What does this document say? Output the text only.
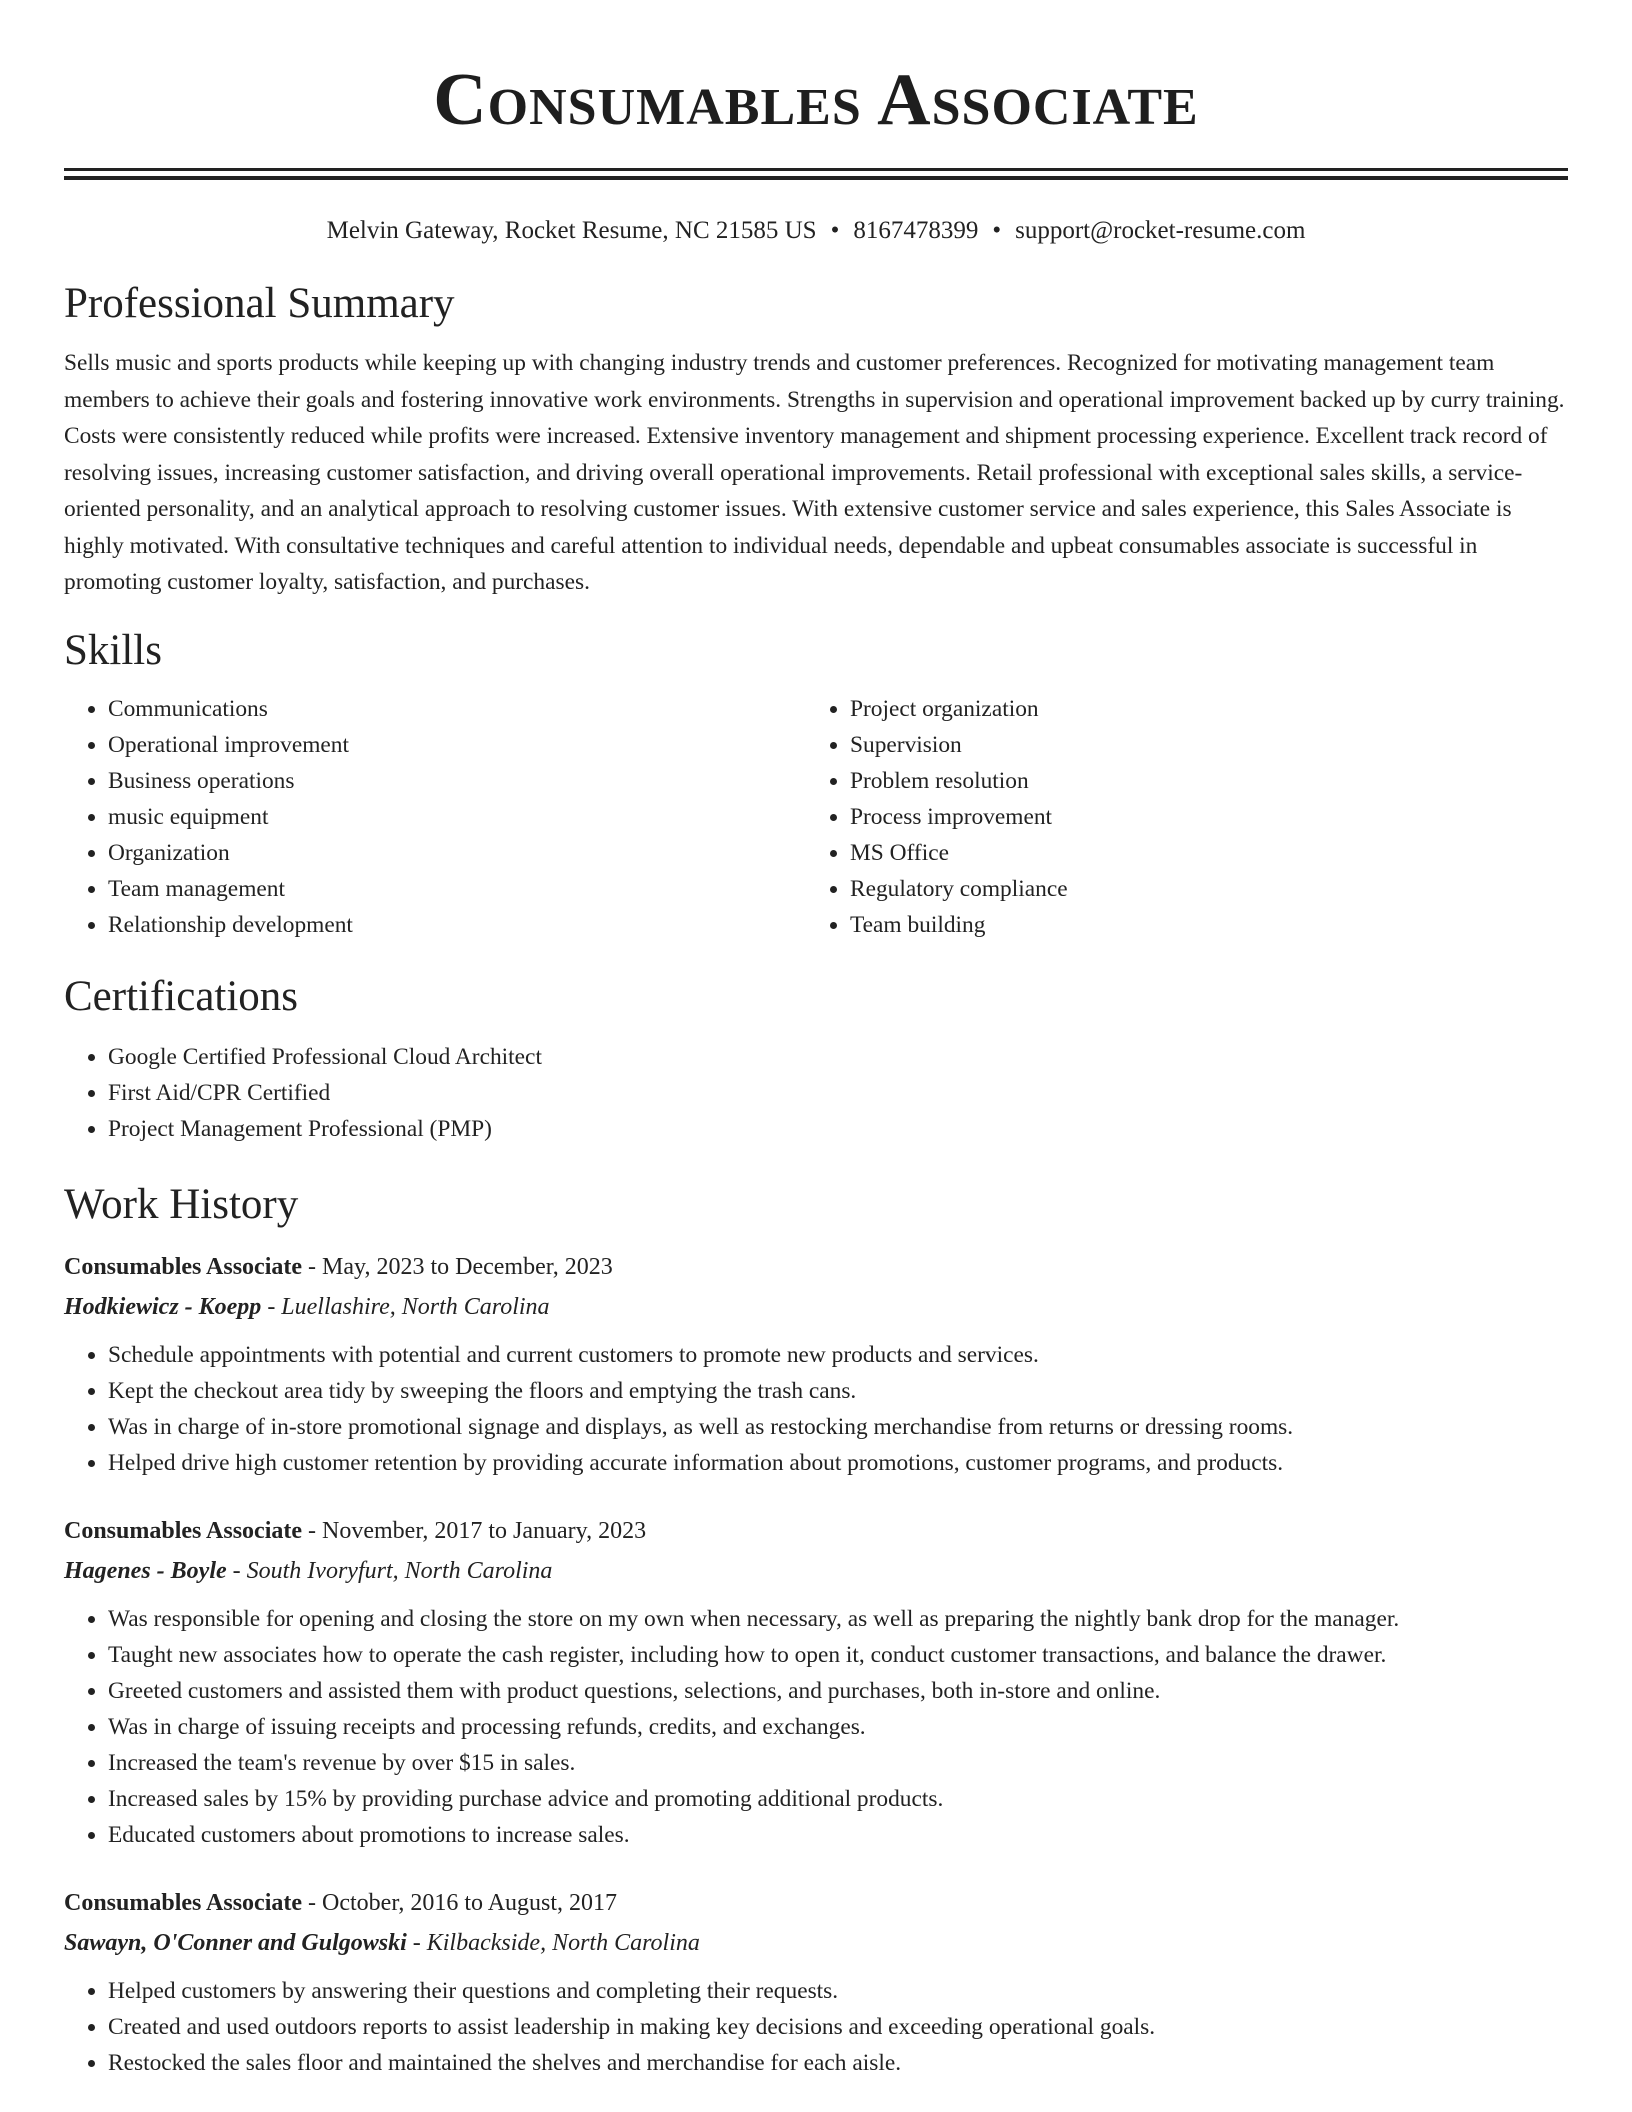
Consumables Associate
Melvin Gateway, Rocket Resume, NC 21585 US • 8167478399 • support@rocket-resume.com
Professional Summary

Sells music and sports products while keeping up with changing industry trends and customer preferences. Recognized for motivating management team members to achieve their goals and fostering innovative work environments. Strengths in supervision and operational improvement backed up by curry training. Costs were consistently reduced while profits were increased. Extensive inventory management and shipment processing experience. Excellent track record of resolving issues, increasing customer satisfaction, and driving overall operational improvements. Retail professional with exceptional sales skills, a service-oriented personality, and an analytical approach to resolving customer issues. With extensive customer service and sales experience, this Sales Associate is highly motivated. With consultative techniques and careful attention to individual needs, dependable and upbeat consumables associate is successful in promoting customer loyalty, satisfaction, and purchases.

Skills
• Communications
• Operational improvement
• Business operations
• music equipment
• Organization
• Team management
• Relationship development
• Project organization
• Supervision
• Problem resolution
• Process improvement
• MS Office
• Regulatory compliance
• Team building
Certifications
• Google Certified Professional Cloud Architect
• First Aid/CPR Certified
• Project Management Professional (PMP)
Work History
Consumables Associate - May, 2023 to December, 2023
Hodkiewicz - Koepp - Luellashire, North Carolina
• Schedule appointments with potential and current customers to promote new products and services.
• Kept the checkout area tidy by sweeping the floors and emptying the trash cans.
• Was in charge of in-store promotional signage and displays, as well as restocking merchandise from returns or dressing rooms.
• Helped drive high customer retention by providing accurate information about promotions, customer programs, and products.
Consumables Associate - November, 2017 to January, 2023
Hagenes - Boyle - South Ivoryfurt, North Carolina
• Was responsible for opening and closing the store on my own when necessary, as well as preparing the nightly bank drop for the manager.
• Taught new associates how to operate the cash register, including how to open it, conduct customer transactions, and balance the drawer.
• Greeted customers and assisted them with product questions, selections, and purchases, both in-store and online.
• Was in charge of issuing receipts and processing refunds, credits, and exchanges.
• Increased the team's revenue by over $15 in sales.
• Increased sales by 15% by providing purchase advice and promoting additional products.
• Educated customers about promotions to increase sales.
Consumables Associate - October, 2016 to August, 2017
Sawayn, O'Conner and Gulgowski - Kilbackside, North Carolina
• Helped customers by answering their questions and completing their requests.
• Created and used outdoors reports to assist leadership in making key decisions and exceeding operational goals.
• Restocked the sales floor and maintained the shelves and merchandise for each aisle.
